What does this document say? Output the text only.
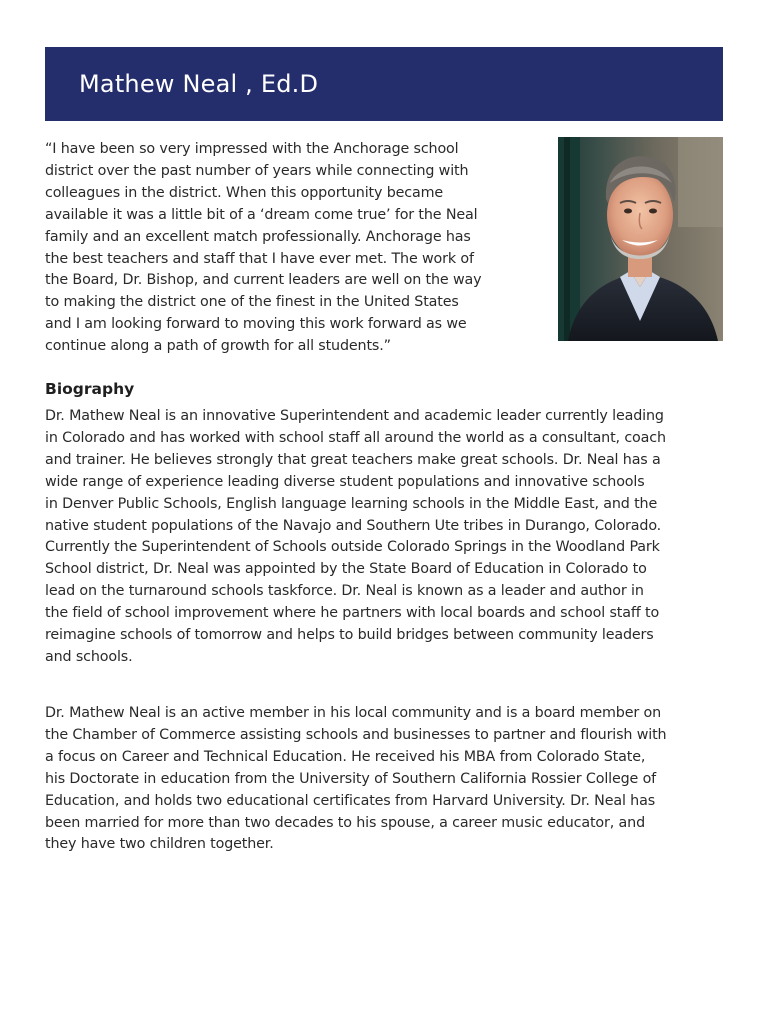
Mathew Neal , Ed.D
“I have been so very impressed with the Anchorage school
district over the past number of years while connecting with
colleagues in the district. When this opportunity became
available it was a little bit of a ‘dream come true’ for the Neal
family and an excellent match professionally. Anchorage has
the best teachers and staff that I have ever met. The work of
the Board, Dr. Bishop, and current leaders are well on the way
to making the district one of the finest in the United States
and I am looking forward to moving this work forward as we
continue along a path of growth for all students.”
Biography
Dr. Mathew Neal is an innovative Superintendent and academic leader currently leading
in Colorado and has worked with school staff all around the world as a consultant, coach
and trainer. He believes strongly that great teachers make great schools. Dr. Neal has a
wide range of experience leading diverse student populations and innovative schools
in Denver Public Schools, English language learning schools in the Middle East, and the
native student populations of the Navajo and Southern Ute tribes in Durango, Colorado.
Currently the Superintendent of Schools outside Colorado Springs in the Woodland Park
School district, Dr. Neal was appointed by the State Board of Education in Colorado to
lead on the turnaround schools taskforce. Dr. Neal is known as a leader and author in
the field of school improvement where he partners with local boards and school staff to
reimagine schools of tomorrow and helps to build bridges between community leaders
and schools.
Dr. Mathew Neal is an active member in his local community and is a board member on
the Chamber of Commerce assisting schools and businesses to partner and flourish with
a focus on Career and Technical Education. He received his MBA from Colorado State,
his Doctorate in education from the University of Southern California Rossier College of
Education, and holds two educational certificates from Harvard University. Dr. Neal has
been married for more than two decades to his spouse, a career music educator, and
they have two children together.
